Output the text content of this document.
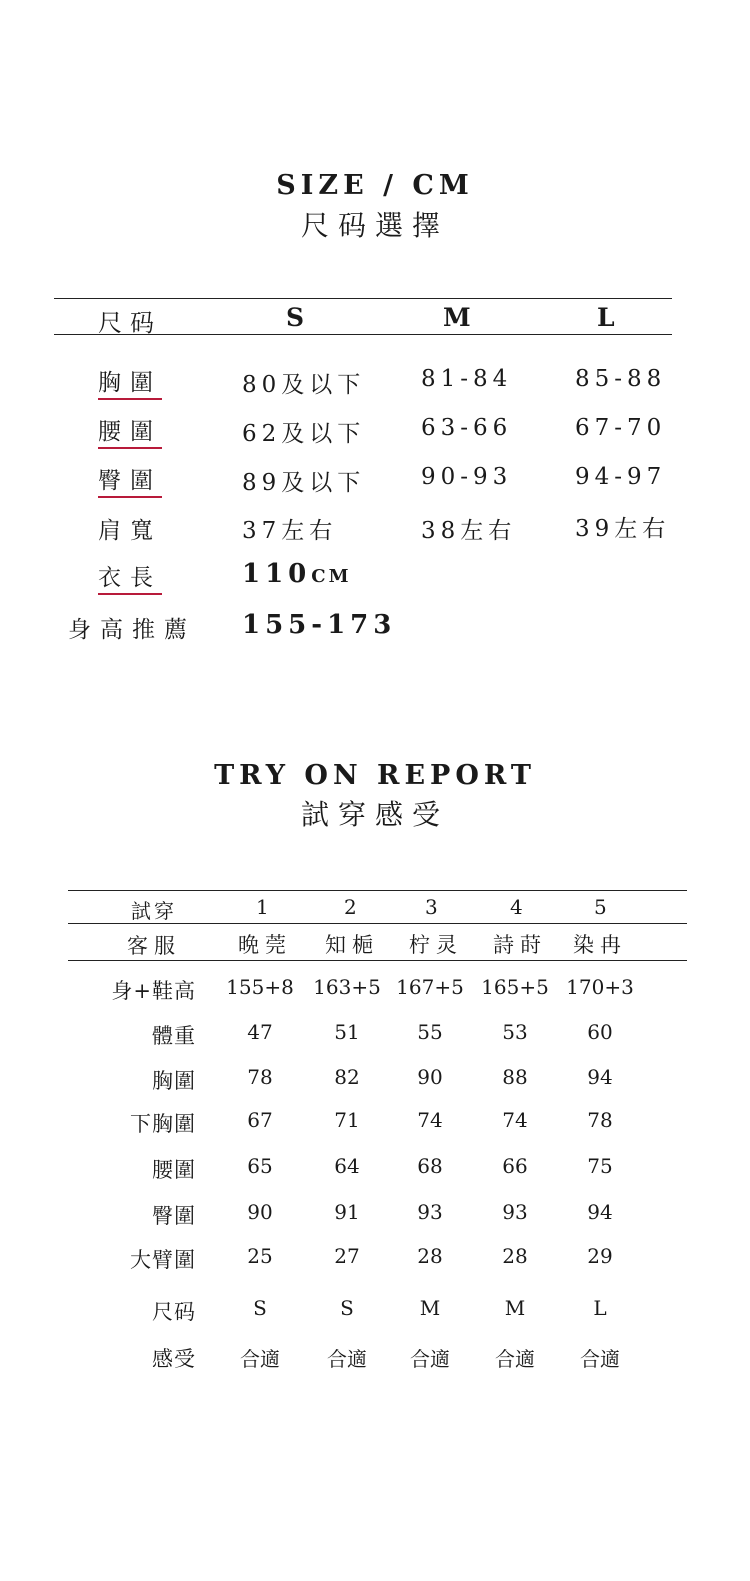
SIZE / CM
尺码選擇
尺码	S	M	L
胸圍	80及以下 81-84	85-88
腰圍	62及以下 63-66	67-70
臀圍	89及以下 90-93	94-97
肩寬	37左右	38左右	39左右
衣長	110CM
身高推薦 155-173
TRY ON REPORT
試穿感受
試穿	1	2	3	4	5
客服	晩莞 知梔 柠灵 詩莳 染冉
身+鞋高	155+8 163+5 167+5 165+5 170+3
體重	47	51	55	53	60
胸圍	78	82	90	88	94
下胸圍	67	71	74	74	78
腰圍	65	64	68	66	75
臀圍	90	91	93	93	94
大臂圍	25	27	28	28	29
尺码	S	S	M	M	L
感受	合適	合適	合適	合適	合適
